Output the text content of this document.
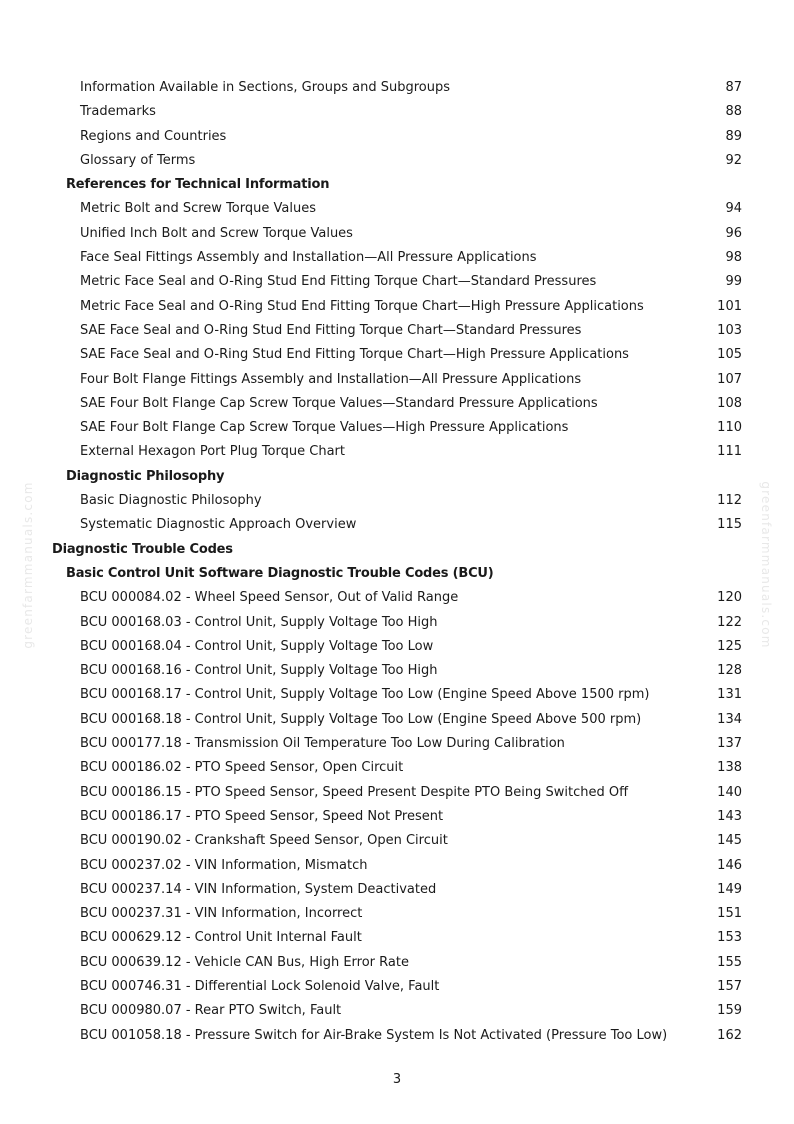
greenfarmmanuals.com	greenfarmmanuals.com
Information Available in Sections, Groups and Subgroups	87
Trademarks	88
Regions and Countries	89
Glossary of Terms	92
References for Technical Information
Metric Bolt and Screw Torque Values	94
Unified Inch Bolt and Screw Torque Values	96
Face Seal Fittings Assembly and Installation—All Pressure Applications	98
Metric Face Seal and O-Ring Stud End Fitting Torque Chart—Standard Pressures	99
Metric Face Seal and O-Ring Stud End Fitting Torque Chart—High Pressure Applications	101
SAE Face Seal and O-Ring Stud End Fitting Torque Chart—Standard Pressures	103
SAE Face Seal and O-Ring Stud End Fitting Torque Chart—High Pressure Applications	105
Four Bolt Flange Fittings Assembly and Installation—All Pressure Applications	107
SAE Four Bolt Flange Cap Screw Torque Values—Standard Pressure Applications	108
SAE Four Bolt Flange Cap Screw Torque Values—High Pressure Applications	110
External Hexagon Port Plug Torque Chart	111
Diagnostic Philosophy
Basic Diagnostic Philosophy	112
Systematic Diagnostic Approach Overview	115
Diagnostic Trouble Codes
Basic Control Unit Software Diagnostic Trouble Codes (BCU)
BCU 000084.02 - Wheel Speed Sensor, Out of Valid Range	120
BCU 000168.03 - Control Unit, Supply Voltage Too High	122
BCU 000168.04 - Control Unit, Supply Voltage Too Low	125
BCU 000168.16 - Control Unit, Supply Voltage Too High	128
BCU 000168.17 - Control Unit, Supply Voltage Too Low (Engine Speed Above 1500 rpm)	131
BCU 000168.18 - Control Unit, Supply Voltage Too Low (Engine Speed Above 500 rpm)	134
BCU 000177.18 - Transmission Oil Temperature Too Low During Calibration	137
BCU 000186.02 - PTO Speed Sensor, Open Circuit	138
BCU 000186.15 - PTO Speed Sensor, Speed Present Despite PTO Being Switched Off	140
BCU 000186.17 - PTO Speed Sensor, Speed Not Present	143
BCU 000190.02 - Crankshaft Speed Sensor, Open Circuit	145
BCU 000237.02 - VIN Information, Mismatch	146
BCU 000237.14 - VIN Information, System Deactivated	149
BCU 000237.31 - VIN Information, Incorrect	151
BCU 000629.12 - Control Unit Internal Fault	153
BCU 000639.12 - Vehicle CAN Bus, High Error Rate	155
BCU 000746.31 - Differential Lock Solenoid Valve, Fault	157
BCU 000980.07 - Rear PTO Switch, Fault	159
BCU 001058.18 - Pressure Switch for Air-Brake System Is Not Activated (Pressure Too Low)	162
3
